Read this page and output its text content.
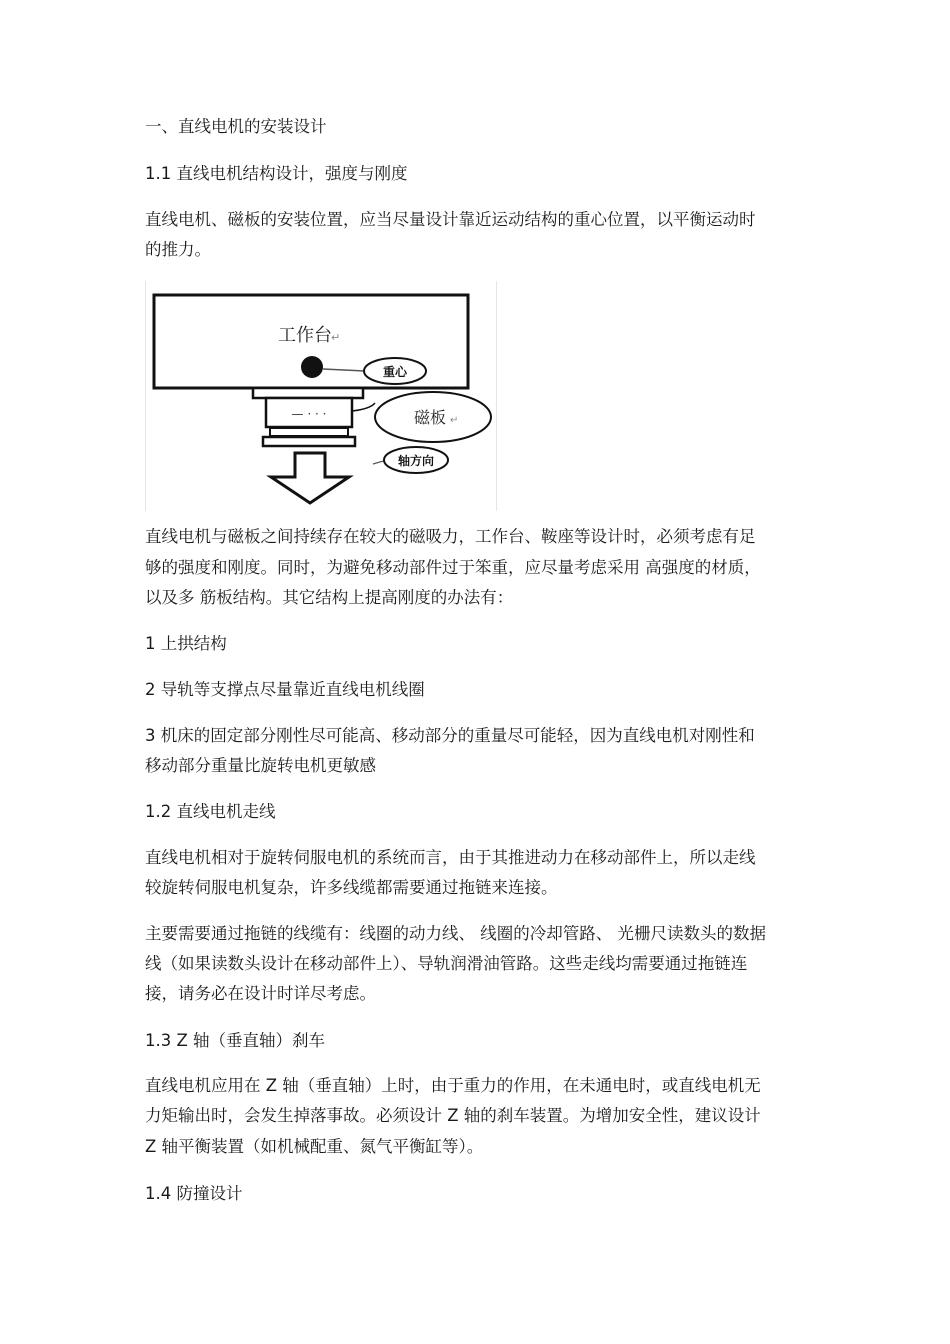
一、直线电机的安装设计
1.1 直线电机结构设计，强度与刚度
直线电机、磁板的安装位置，应当尽量设计靠近运动结构的重心位置，以平衡运动时
的推力。
工作台 ↵
重心
— · · ·	磁板 ↵
轴方向
直线电机与磁板之间持续存在较大的磁吸力，工作台、鞍座等设计时，必须考虑有足
够的强度和刚度。同时，为避免移动部件过于笨重，应尽量考虑采用 高强度的材质，
以及多 筋板结构。其它结构上提高刚度的办法有：
1 上拱结构
2 导轨等支撑点尽量靠近直线电机线圈
3 机床的固定部分刚性尽可能高、移动部分的重量尽可能轻，因为直线电机对刚性和
移动部分重量比旋转电机更敏感
1.2 直线电机走线
直线电机相对于旋转伺服电机的系统而言，由于其推进动力在移动部件上，所以走线
较旋转伺服电机复杂，许多线缆都需要通过拖链来连接。
主要需要通过拖链的线缆有：线圈的动力线、 线圈的冷却管路、 光栅尺读数头的数据
线（如果读数头设计在移动部件上）、导轨润滑油管路。这些走线均需要通过拖链连
接，请务必在设计时详尽考虑。
1.3 Z 轴（垂直轴）刹车
直线电机应用在 Z 轴（垂直轴）上时，由于重力的作用，在未通电时，或直线电机无
力矩输出时，会发生掉落事故。必须设计 Z 轴的刹车装置。为增加安全性，建议设计
Z 轴平衡装置（如机械配重、氮气平衡缸等）。
1.4 防撞设计
